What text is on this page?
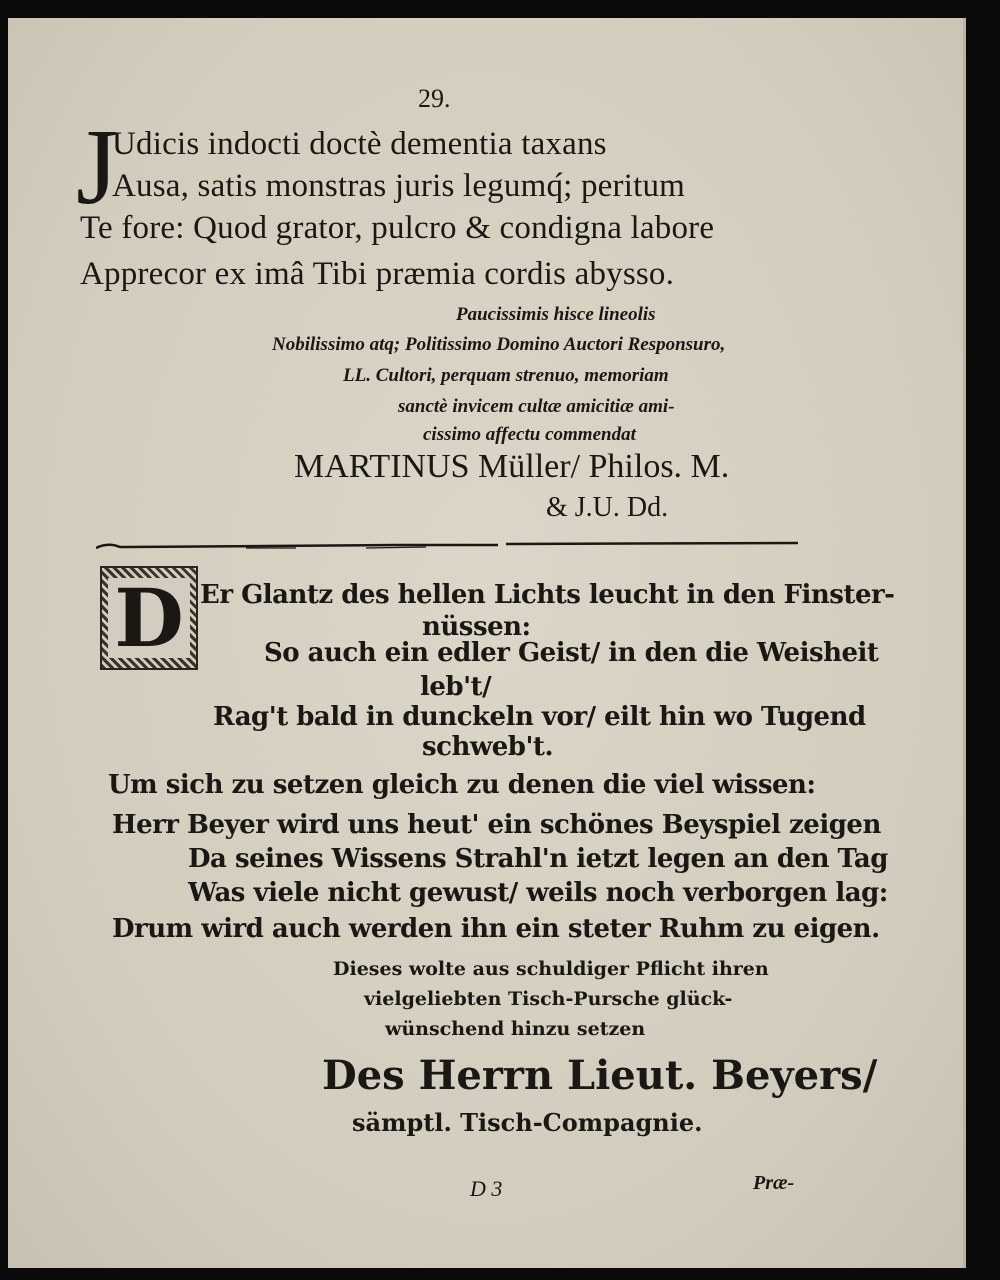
29.
J
Udicis indocti doctè dementia taxans
Ausa, satis monstras juris legumq́; peritum
Te fore: Quod grator, pulcro & condigna labore
Apprecor ex imâ Tibi præmia cordis abysso.
Paucissimis hisce lineolis
Nobilissimo atq; Politissimo Domino Auctori Responsuro,
LL. Cultori, perquam strenuo, memoriam
sanctè invicem cultæ amicitiæ ami-
cissimo affectu commendat
MARTINUS Müller/ Philos. M.
& J.U. Dd.
D Er Glantz des hellen Lichts leucht in den Finster-
nüssen:
So auch ein edler Geist/ in den die Weisheit
leb't/
Rag't bald in dunckeln vor/ eilt hin wo Tugend
schweb't.
Um sich zu setzen gleich zu denen die viel wissen:
Herr Beyer wird uns heut' ein schönes Beyspiel zeigen
Da seines Wissens Strahl'n ietzt legen an den Tag
Was viele nicht gewust/ weils noch verborgen lag:
Drum wird auch werden ihn ein steter Ruhm zu eigen.
Dieses wolte aus schuldiger Pflicht ihren
vielgeliebten Tisch-Pursche glück-
wünschend hinzu setzen
Des Herrn Lieut. Beyers/
sämptl. Tisch-Compagnie.
D 3	Præ-
